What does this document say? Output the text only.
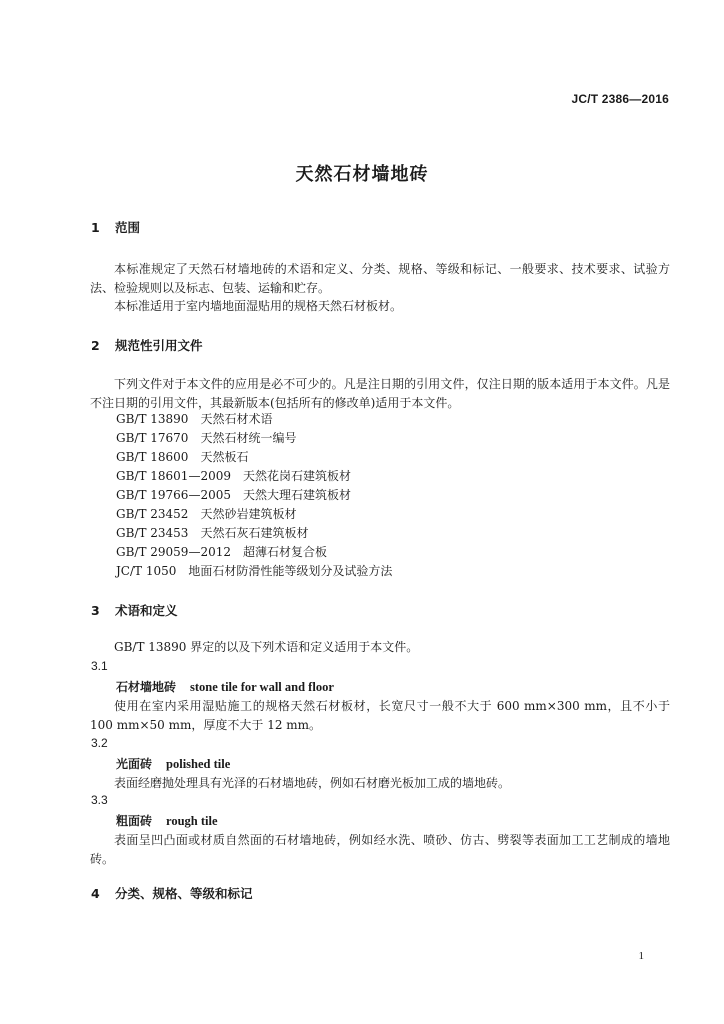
JC/T 2386—2016
天然石材墙地砖
1 范围
本标准规定了天然石材墙地砖的术语和定义、分类、规格、等级和标记、一般要求、技术要求、试验方法、检验规则以及标志、包装、运输和贮存。
本标准适用于室内墙地面湿贴用的规格天然石材板材。
2 规范性引用文件
下列文件对于本文件的应用是必不可少的。凡是注日期的引用文件，仅注日期的版本适用于本文件。凡是不注日期的引用文件，其最新版本(包括所有的修改单)适用于本文件。
GB/T 13890 天然石材术语
GB/T 17670 天然石材统一编号
GB/T 18600 天然板石
GB/T 18601—2009 天然花岗石建筑板材
GB/T 19766—2005 天然大理石建筑板材
GB/T 23452 天然砂岩建筑板材
GB/T 23453 天然石灰石建筑板材
GB/T 29059—2012 超薄石材复合板
JC/T 1050 地面石材防滑性能等级划分及试验方法
3 术语和定义
GB/T 13890 界定的以及下列术语和定义适用于本文件。
3.1
石材墙地砖 stone tile for wall and floor
使用在室内采用湿贴施工的规格天然石材板材，长宽尺寸一般不大于 600 mm×300 mm，且不小于 100 mm×50 mm，厚度不大于 12 mm。
3.2
光面砖 polished tile
表面经磨抛处理具有光泽的石材墙地砖，例如石材磨光板加工成的墙地砖。
3.3
粗面砖 rough tile
表面呈凹凸面或材质自然面的石材墙地砖，例如经水洗、喷砂、仿古、劈裂等表面加工工艺制成的墙地砖。
4 分类、规格、等级和标记
1
